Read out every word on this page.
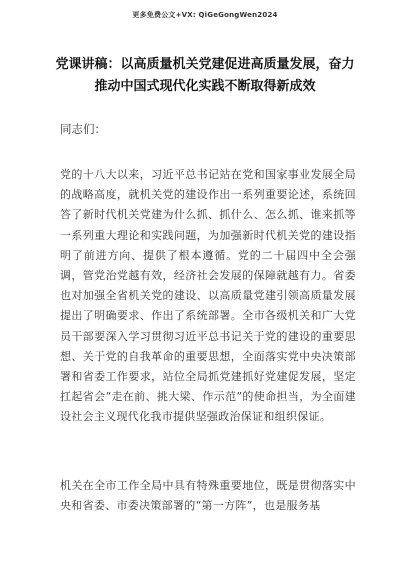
更多免费公文+VX: QiGeGongWen2024
党课讲稿：以高质量机关党建促进高质量发展，奋力推动中国式现代化实践不断取得新成效

同志们：

党的十八大以来，习近平总书记站在党和国家事业发展全局的战略高度，就机关党的建设作出一系列重要论述，系统回答了新时代机关党建为什么抓、抓什么、怎么抓、谁来抓等一系列重大理论和实践问题，为加强新时代机关党的建设指明了前进方向、提供了根本遵循。党的二十届四中全会强调，管党治党越有效，经济社会发展的保障就越有力。省委也对加强全省机关党的建设、以高质量党建引领高质量发展提出了明确要求、作出了系统部署。全市各级机关和广大党员干部要深入学习贯彻习近平总书记关于党的建设的重要思想、关于党的自我革命的重要思想，全面落实党中央决策部署和省委工作要求，站位全局抓党建抓好党建促发展，坚定扛起省会“走在前、挑大梁、作示范”的使命担当，为全面建设社会主义现代化我市提供坚强政治保证和组织保证。

机关在全市工作全局中具有特殊重要地位，既是贯彻落实中央和省委、市委决策部署的“第一方阵”，也是服务基
